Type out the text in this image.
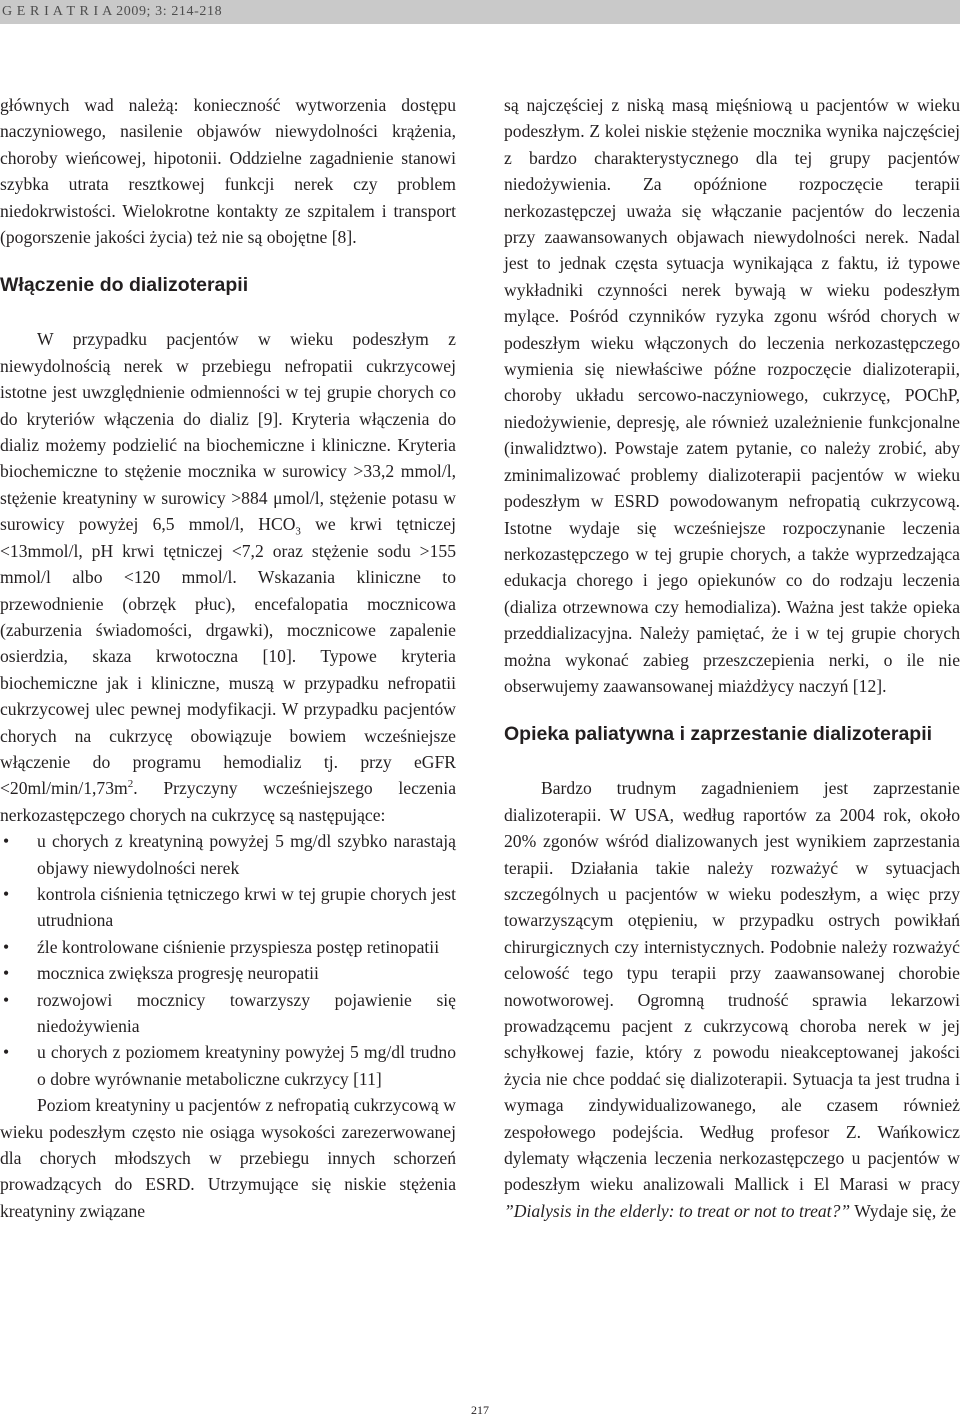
G E R I A T R I A 2009; 3: 214-218

głównych wad należą: konieczność wytworzenia dostępu naczyniowego, nasilenie objawów niewydolności krążenia, choroby wieńcowej, hipotonii. Oddzielne zagadnienie stanowi szybka utrata resztkowej funkcji nerek czy problem niedokrwistości. Wielokrotne kontakty ze szpitalem i transport (pogorszenie jakości życia) też nie są obojętne [8].

Włączenie do dializoterapii

W przypadku pacjentów w wieku podeszłym z niewydolnością nerek w przebiegu nefropatii cukrzycowej istotne jest uwzględnienie odmienności w tej grupie chorych co do kryteriów włączenia do dializ [9]. Kryteria włączenia do dializ możemy podzielić na biochemiczne i kliniczne. Kryteria biochemiczne to stężenie mocznika w surowicy >33,2 mmol/l, stężenie kreatyniny w surowicy >884 μmol/l, stężenie potasu w surowicy powyżej 6,5 mmol/l, $HCO_3$ we krwi tętniczej <13mmol/l, pH krwi tętniczej <7,2 oraz stężenie sodu >155 mmol/l albo <120 mmol/l. Wskazania kliniczne to przewodnienie (obrzęk płuc), encefalopatia mocznicowa (zaburzenia świadomości, drgawki), mocznicowe zapalenie osierdzia, skaza krwotoczna [10]. Typowe kryteria biochemiczne jak i kliniczne, muszą w przypadku nefropatii cukrzycowej ulec pewnej modyfikacji. W przypadku pacjentów chorych na cukrzycę obowiązuje bowiem wcześniejsze włączenie do programu hemodializ tj. przy eGFR $<20ml/\min/1,73m^2$. Przyczyny wcześniejszego leczenia nerkozastępczego chorych na cukrzycę są następujące:

• u chorych z kreatyniną powyżej 5 mg/dl szybko narastają objawy niewydolności nerek
• kontrola ciśnienia tętniczego krwi w tej grupie chorych jest utrudniona
• źle kontrolowane ciśnienie przyspiesza postęp retinopatii
• mocznica zwiększa progresję neuropatii
• rozwojowi mocznicy towarzyszy pojawienie się niedożywienia
• u chorych z poziomem kreatyniny powyżej 5 mg/dl trudno o dobre wyrównanie metaboliczne cukrzycy [11]

Poziom kreatyniny u pacjentów z nefropatią cukrzycową w wieku podeszłym często nie osiąga wysokości zarezerwowanej dla chorych młodszych w przebiegu innych schorzeń prowadzących do ESRD. Utrzymujące się niskie stężenia kreatyniny związane

są najczęściej z niską masą mięśniową u pacjentów w wieku podeszłym. Z kolei niskie stężenie mocznika wynika najczęściej z bardzo charakterystycznego dla tej grupy pacjentów niedożywienia. Za opóźnione rozpoczęcie terapii nerkozastępczej uważa się włączanie pacjentów do leczenia przy zaawansowanych objawach niewydolności nerek. Nadal jest to jednak częsta sytuacja wynikająca z faktu, iż typowe wykładniki czynności nerek bywają w wieku podeszłym mylące. Pośród czynników ryzyka zgonu wśród chorych w podeszłym wieku włączonych do leczenia nerkozastępczego wymienia się niewłaściwe późne rozpoczęcie dializoterapii, choroby układu sercowo-naczyniowego, cukrzycę, POChP, niedożywienie, depresję, ale również uzależnienie funkcjonalne (inwalidztwo). Powstaje zatem pytanie, co należy zrobić, aby zminimalizować problemy dializoterapii pacjentów w wieku podeszłym w ESRD powodowanym nefropatią cukrzycową. Istotne wydaje się wcześniejsze rozpoczynanie leczenia nerkozastępczego w tej grupie chorych, a także wyprzedzająca edukacja chorego i jego opiekunów co do rodzaju leczenia (dializa otrzewnowa czy hemodializa). Ważna jest także opieka przeddializacyjna. Należy pamiętać, że i w tej grupie chorych można wykonać zabieg przeszczepienia nerki, o ile nie obserwujemy zaawansowanej miażdżycy naczyń [12].

Opieka paliatywna i zaprzestanie dializoterapii

Bardzo trudnym zagadnieniem jest zaprzestanie dializoterapii. W USA, według raportów za 2004 rok, około 20% zgonów wśród dializowanych jest wynikiem zaprzestania terapii. Działania takie należy rozważyć w sytuacjach szczególnych u pacjentów w wieku podeszłym, a więc przy towarzyszącym otępieniu, w przypadku ostrych powikłań chirurgicznych czy internistycznych. Podobnie należy rozważyć celowość tego typu terapii przy zaawansowanej chorobie nowotworowej. Ogromną trudność sprawia lekarzowi prowadzącemu pacjent z cukrzycową choroba nerek w jej schyłkowej fazie, który z powodu nieakceptowanej jakości życia nie chce poddać się dializoterapii. Sytuacja ta jest trudna i wymaga zindywidualizowanego, ale czasem również zespołowego podejścia. Według profesor Z. Wańkowicz dylematy włączenia leczenia nerkozastępczego u pacjentów w podeszłym wieku analizowali Mallick i El Marasi w pracy ”Dialysis in the elderly: to treat or not to treat?” Wydaje się, że

217
